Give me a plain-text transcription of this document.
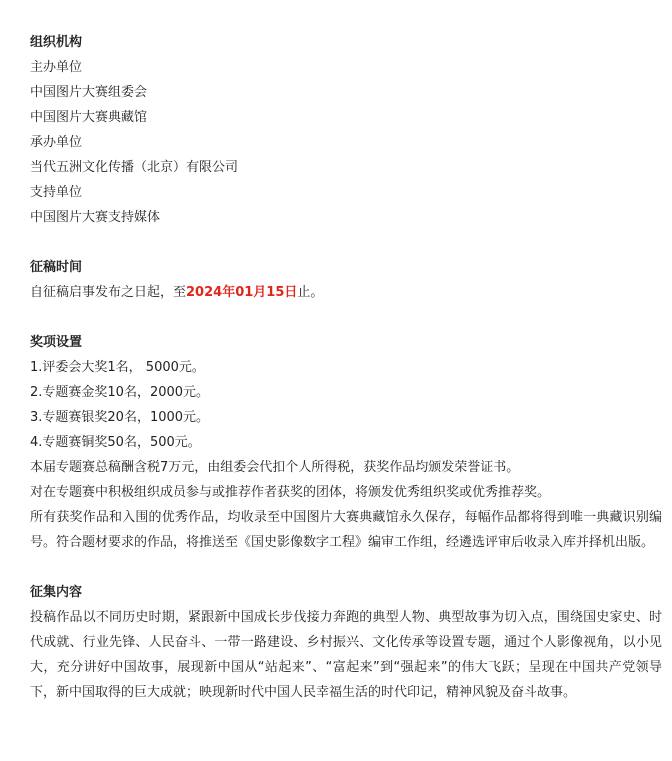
组织机构

主办单位

中国图片大赛组委会

中国图片大赛典藏馆

承办单位

当代五洲文化传播（北京）有限公司

支持单位

中国图片大赛支持媒体

征稿时间

自征稿启事发布之日起，至2024年01月15日止。

奖项设置

1.评委会大奖1名， 5000元。

2.专题赛金奖10名，2000元。

3.专题赛银奖20名，1000元。

4.专题赛铜奖50名，500元。

本届专题赛总稿酬含税7万元，由组委会代扣个人所得税，获奖作品均颁发荣誉证书。

对在专题赛中积极组织成员参与或推荐作者获奖的团体，将颁发优秀组织奖或优秀推荐奖。

所有获奖作品和入围的优秀作品，均收录至中国图片大赛典藏馆永久保存，每幅作品都将得到唯一典藏识别编号。符合题材要求的作品，将推送至《国史影像数字工程》编审工作组，经遴选评审后收录入库并择机出版。

征集内容

投稿作品以不同历史时期，紧跟新中国成长步伐接力奔跑的典型人物、典型故事为切入点，围绕国史家史、时代成就、行业先锋、人民奋斗、一带一路建设、乡村振兴、文化传承等设置专题，通过个人影像视角，以小见大，充分讲好中国故事，展现新中国从“站起来”、“富起来”到“强起来”的伟大飞跃；呈现在中国共产党领导下，新中国取得的巨大成就；映现新时代中国人民幸福生活的时代印记，精神风貌及奋斗故事。
